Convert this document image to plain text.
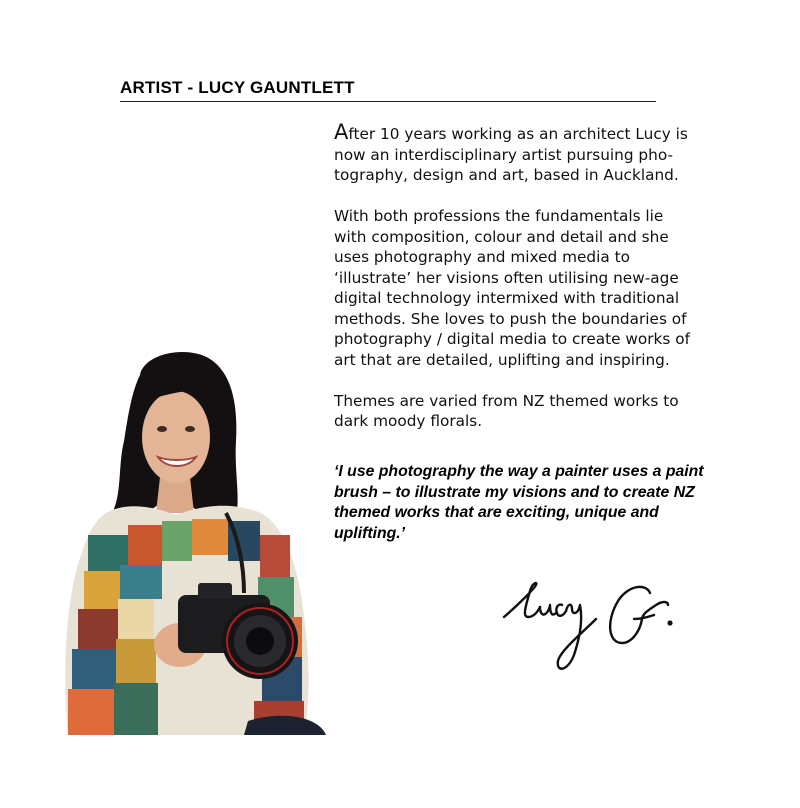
ARTIST - LUCY GAUNTLETT

After 10 years working as an architect Lucy is now an interdisciplinary artist pursuing pho-tography, design and art, based in Auckland.

With both professions the fundamentals lie with composition, colour and detail and she uses photography and mixed media to ‘illustrate’ her visions often utilising new-age digital technology intermixed with traditional methods. She loves to push the boundaries of photography / digital media to create works of art that are detailed, uplifting and inspiring.

Themes are varied from NZ themed works to dark moody florals.

‘I use photography the way a painter uses a paint brush – to illustrate my visions and to create NZ themed works that are exciting, unique and uplifting.’
